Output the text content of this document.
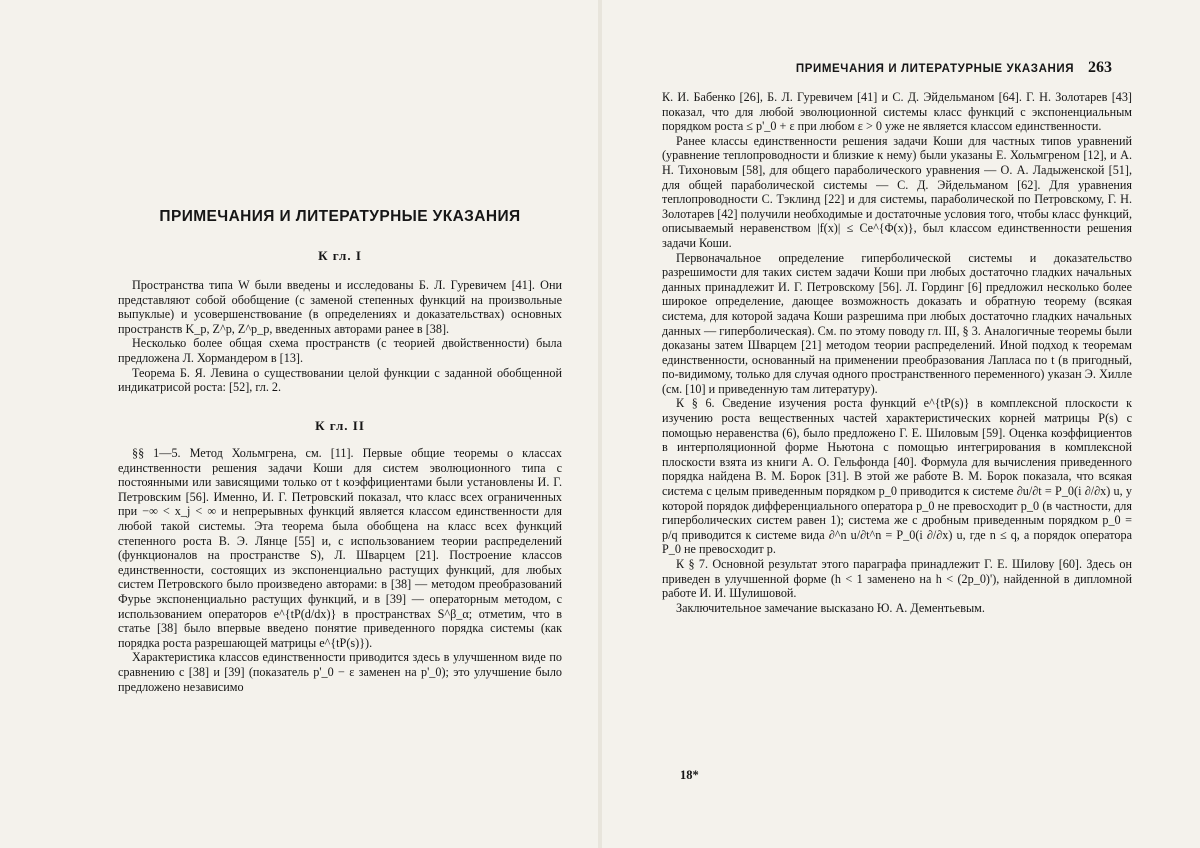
ПРИМЕЧАНИЯ И ЛИТЕРАТУРНЫЕ УКАЗАНИЯ
К гл. I

Пространства типа W были введены и исследованы Б. Л. Гуревичем [41]. Они представляют собой обобщение (с заменой степенных функций на произвольные выпуклые) и усовершенствование (в определениях и доказательствах) основных пространств K_p, Z^p, Z^p_p, введенных авторами ранее в [38].

Несколько более общая схема пространств (с теорией двойственности) была предложена Л. Хормандером в [13].

Теорема Б. Я. Левина о существовании целой функции с заданной обобщенной индикатрисой роста: [52], гл. 2.

К гл. II

§§ 1—5. Метод Хольмгрена, см. [11]. Первые общие теоремы о классах единственности решения задачи Коши для систем эволюционного типа с постоянными или зависящими только от t коэффициентами были установлены И. Г. Петровским [56]. Именно, И. Г. Петровский показал, что класс всех ограниченных при −∞ < x_j < ∞ и непрерывных функций является классом единственности для любой такой системы. Эта теорема была обобщена на класс всех функций степенного роста В. Э. Лянце [55] и, с использованием теории распределений (функционалов на пространстве S), Л. Шварцем [21]. Построение классов единственности, состоящих из экспоненциально растущих функций, для любых систем Петровского было произведено авторами: в [38] — методом преобразований Фурье экспоненциально растущих функций, и в [39] — операторным методом, с использованием операторов e^{tP(d/dx)} в пространствах S^β_α; отметим, что в статье [38] было впервые введено понятие приведенного порядка системы (как порядка роста разрешающей матрицы e^{tP(s)}).

Характеристика классов единственности приводится здесь в улучшенном виде по сравнению с [38] и [39] (показатель p'_0 − ε заменен на p'_0); это улучшение было предложено независимо

ПРИМЕЧАНИЯ И ЛИТЕРАТУРНЫЕ УКАЗАНИЯ 263

К. И. Бабенко [26], Б. Л. Гуревичем [41] и С. Д. Эйдельманом [64]. Г. Н. Золотарев [43] показал, что для любой эволюционной системы класс функций с экспоненциальным порядком роста ≤ p'_0 + ε при любом ε > 0 уже не является классом единственности.

Ранее классы единственности решения задачи Коши для частных типов уравнений (уравнение теплопроводности и близкие к нему) были указаны Е. Хольмгреном [12], и А. Н. Тихоновым [58], для общего параболического уравнения — О. А. Ладыженской [51], для общей параболической системы — С. Д. Эйдельманом [62]. Для уравнения теплопроводности С. Тэклинд [22] и для системы, параболической по Петровскому, Г. Н. Золотарев [42] получили необходимые и достаточные условия того, чтобы класс функций, описываемый неравенством |f(x)| ≤ Ce^{Φ(x)}, был классом единственности решения задачи Коши.

Первоначальное определение гиперболической системы и доказательство разрешимости для таких систем задачи Коши при любых достаточно гладких начальных данных принадлежит И. Г. Петровскому [56]. Л. Гординг [6] предложил несколько более широкое определение, дающее возможность доказать и обратную теорему (всякая система, для которой задача Коши разрешима при любых достаточно гладких начальных данных — гиперболическая). См. по этому поводу гл. III, § 3. Аналогичные теоремы были доказаны затем Шварцем [21] методом теории распределений. Иной подход к теоремам единственности, основанный на применении преобразования Лапласа по t (в пригодный, по-видимому, только для случая одного пространственного переменного) указан Э. Хилле (см. [10] и приведенную там литературу).

К § 6. Сведение изучения роста функций e^{tP(s)} в комплексной плоскости к изучению роста вещественных частей характеристических корней матрицы P(s) с помощью неравенства (6), было предложено Г. Е. Шиловым [59]. Оценка коэффициентов в интерполяционной форме Ньютона с помощью интегрирования в комплексной плоскости взята из книги А. О. Гельфонда [40]. Формула для вычисления приведенного порядка найдена В. М. Борок [31]. В этой же работе В. М. Борок показала, что всякая система с целым приведенным порядком p_0 приводится к системе ∂u/∂t = P_0(i ∂/∂x) u, у которой порядок дифференциального оператора p_0 не превосходит p_0 (в частности, для гиперболических систем равен 1); система же с дробным приведенным порядком p_0 = p/q приводится к системе вида ∂^n u/∂t^n = P_0(i ∂/∂x) u, где n ≤ q, а порядок оператора P_0 не превосходит p.

К § 7. Основной результат этого параграфа принадлежит Г. Е. Шилову [60]. Здесь он приведен в улучшенной форме (h < 1 заменено на h < (2p_0)'), найденной в дипломной работе И. И. Шулишовой.

Заключительное замечание высказано Ю. А. Дементьевым.

18*
